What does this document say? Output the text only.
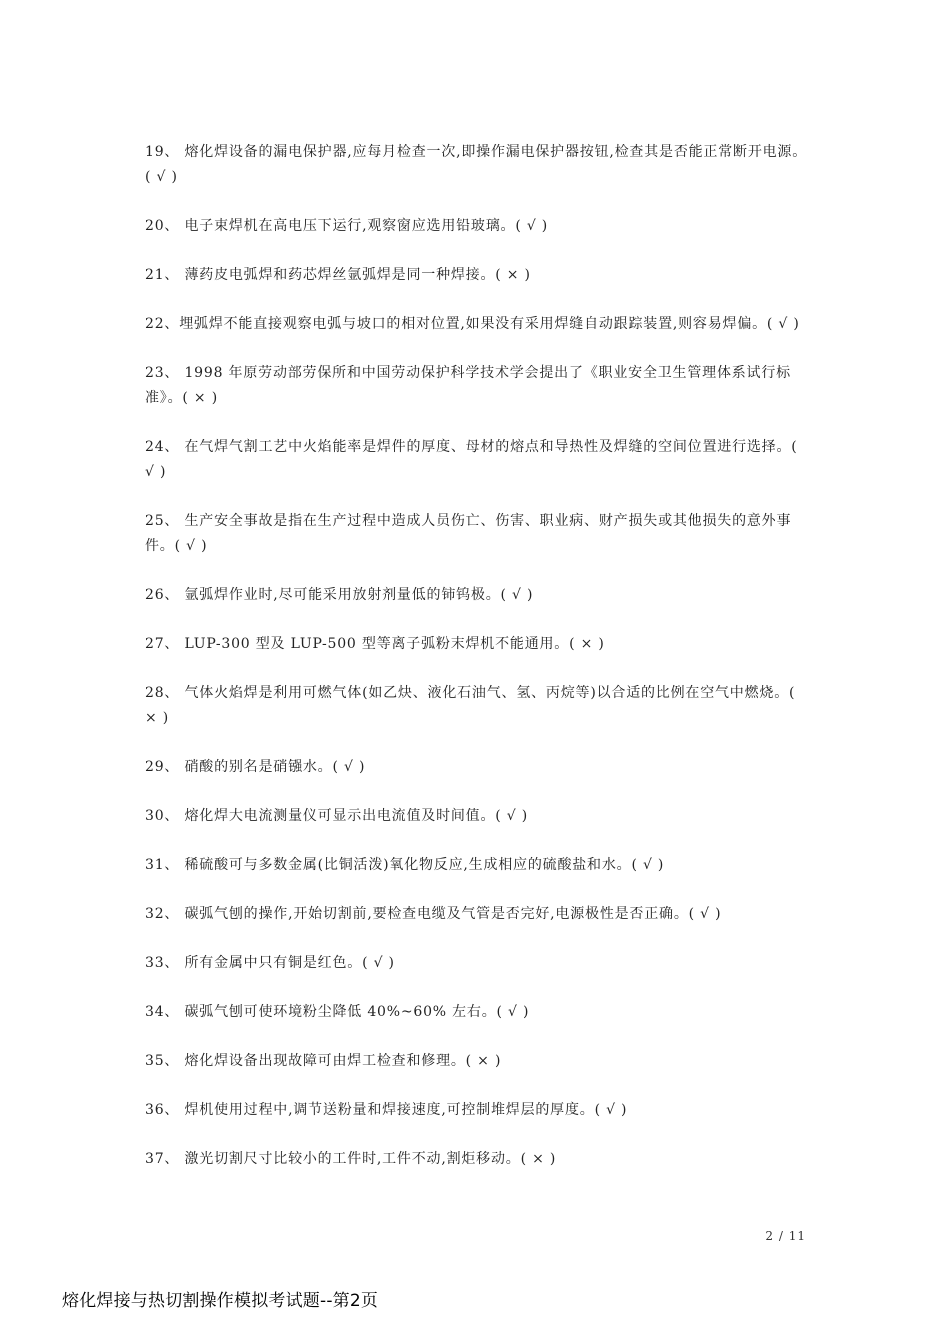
19、 熔化焊设备的漏电保护器,应每月检查一次,即操作漏电保护器按钮,检查其是否能正常断开电源。( √ )

20、 电子束焊机在高电压下运行,观察窗应选用铅玻璃。( √ )

21、 薄药皮电弧焊和药芯焊丝氩弧焊是同一种焊接。( × )

22、埋弧焊不能直接观察电弧与坡口的相对位置,如果没有采用焊缝自动跟踪装置,则容易焊偏。( √ )

23、 1998 年原劳动部劳保所和中国劳动保护科学技术学会提出了《职业安全卫生管理体系试行标准》。( × )

24、 在气焊气割工艺中火焰能率是焊件的厚度、母材的熔点和导热性及焊缝的空间位置进行选择。( √ )

25、 生产安全事故是指在生产过程中造成人员伤亡、伤害、职业病、财产损失或其他损失的意外事件。( √ )

26、 氩弧焊作业时,尽可能采用放射剂量低的铈钨极。( √ )

27、 LUP-300 型及 LUP-500 型等离子弧粉末焊机不能通用。( × )

28、 气体火焰焊是利用可燃气体(如乙炔、液化石油气、氢、丙烷等)以合适的比例在空气中燃烧。( × )

29、 硝酸的别名是硝镪水。( √ )

30、 熔化焊大电流测量仪可显示出电流值及时间值。( √ )

31、 稀硫酸可与多数金属(比铜活泼)氧化物反应,生成相应的硫酸盐和水。( √ )

32、 碳弧气刨的操作,开始切割前,要检查电缆及气管是否完好,电源极性是否正确。( √ )

33、 所有金属中只有铜是红色。( √ )

34、 碳弧气刨可使环境粉尘降低 40%~60% 左右。( √ )

35、 熔化焊设备出现故障可由焊工检查和修理。( × )

36、 焊机使用过程中,调节送粉量和焊接速度,可控制堆焊层的厚度。( √ )

37、 激光切割尺寸比较小的工件时,工件不动,割炬移动。( × )

2 / 11
熔化焊接与热切割操作模拟考试题--第2页
